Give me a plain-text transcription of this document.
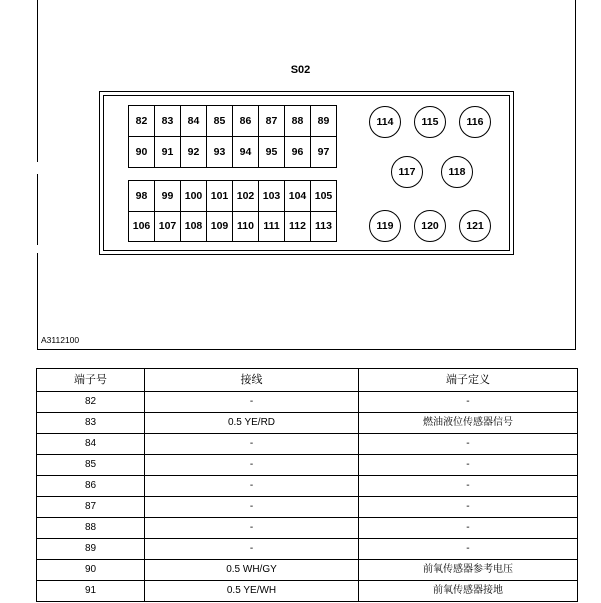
S02
82	83	84	85	86	87	88	89
90	91	92	93	94	95	96	97
98	99	100	101	102	103	104	105
106	107	108	109	110	111	112	113
114	115	116
117	118
119	120	121
A3112100
端子号	接线	端子定义
82	-	-
83	0.5 YE/RD	燃油液位传感器信号
84	-	-
85	-	-
86	-	-
87	-	-
88	-	-
89	-	-
90	0.5 WH/GY	前氧传感器参考电压
91	0.5 YE/WH	前氧传感器接地
